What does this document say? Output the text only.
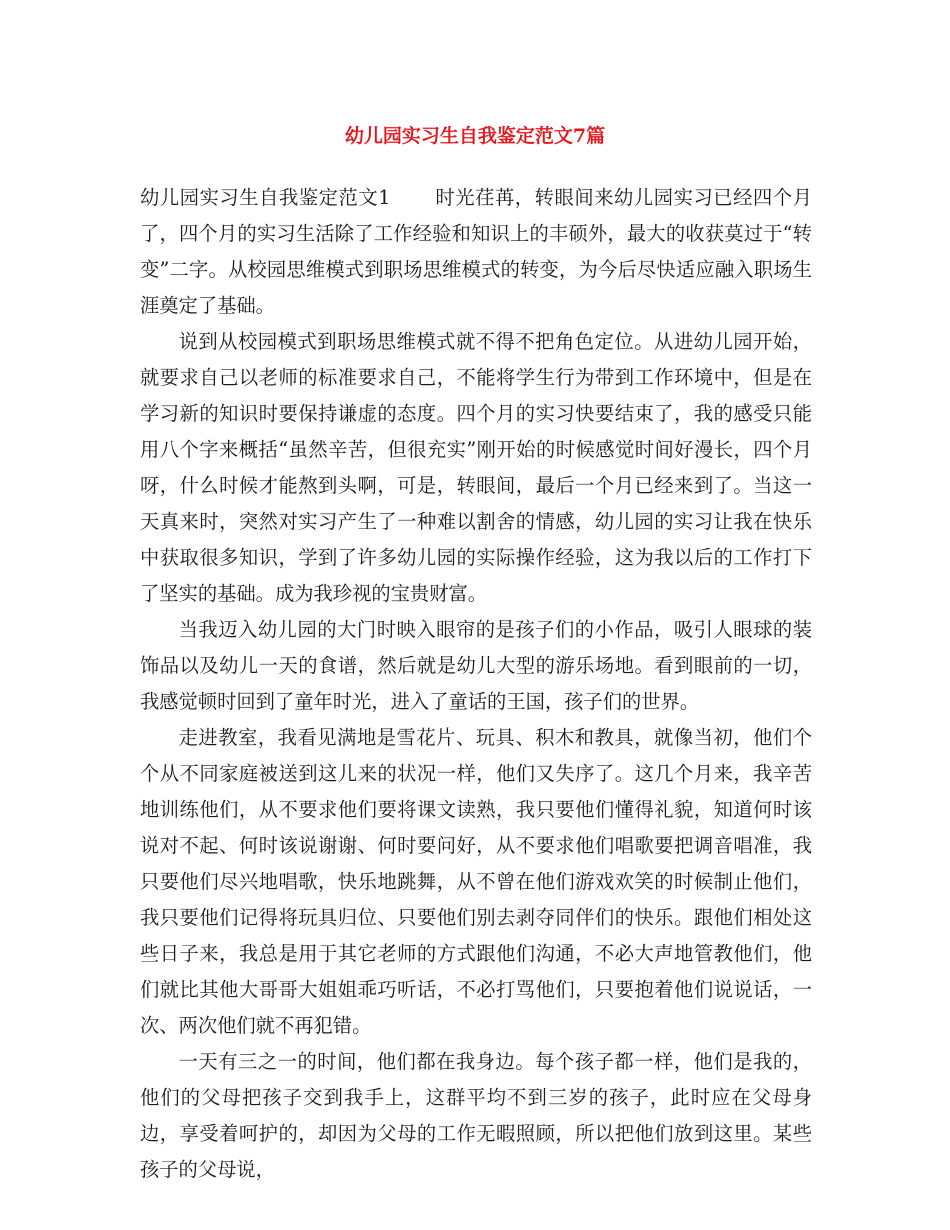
幼儿园实习生自我鉴定范文7篇

幼儿园实习生自我鉴定范文1 时光荏苒，转眼间来幼儿园实习已经四个月了，四个月的实习生活除了工作经验和知识上的丰硕外，最大的收获莫过于“转变”二字。从校园思维模式到职场思维模式的转变，为今后尽快适应融入职场生涯奠定了基础。

说到从校园模式到职场思维模式就不得不把角色定位。从进幼儿园开始，就要求自己以老师的标准要求自己，不能将学生行为带到工作环境中，但是在学习新的知识时要保持谦虚的态度。四个月的实习快要结束了，我的感受只能用八个字来概括“虽然辛苦，但很充实”刚开始的时候感觉时间好漫长，四个月呀，什么时候才能熬到头啊，可是，转眼间，最后一个月已经来到了。当这一天真来时，突然对实习产生了一种难以割舍的情感，幼儿园的实习让我在快乐中获取很多知识，学到了许多幼儿园的实际操作经验，这为我以后的工作打下了坚实的基础。成为我珍视的宝贵财富。

当我迈入幼儿园的大门时映入眼帘的是孩子们的小作品，吸引人眼球的装饰品以及幼儿一天的食谱，然后就是幼儿大型的游乐场地。看到眼前的一切，我感觉顿时回到了童年时光，进入了童话的王国，孩子们的世界。

走进教室，我看见满地是雪花片、玩具、积木和教具，就像当初，他们个个从不同家庭被送到这儿来的状况一样，他们又失序了。这几个月来，我辛苦地训练他们，从不要求他们要将课文读熟，我只要他们懂得礼貌，知道何时该说对不起、何时该说谢谢、何时要问好，从不要求他们唱歌要把调音唱准，我只要他们尽兴地唱歌，快乐地跳舞，从不曾在他们游戏欢笑的时候制止他们，我只要他们记得将玩具归位、只要他们别去剥夺同伴们的快乐。跟他们相处这些日子来，我总是用于其它老师的方式跟他们沟通，不必大声地管教他们，他们就比其他大哥哥大姐姐乖巧听话，不必打骂他们，只要抱着他们说说话，一次、两次他们就不再犯错。

一天有三之一的时间，他们都在我身边。每个孩子都一样，他们是我的，他们的父母把孩子交到我手上，这群平均不到三岁的孩子，此时应在父母身边，享受着呵护的，却因为父母的工作无暇照顾，所以把他们放到这里。某些孩子的父母说，
